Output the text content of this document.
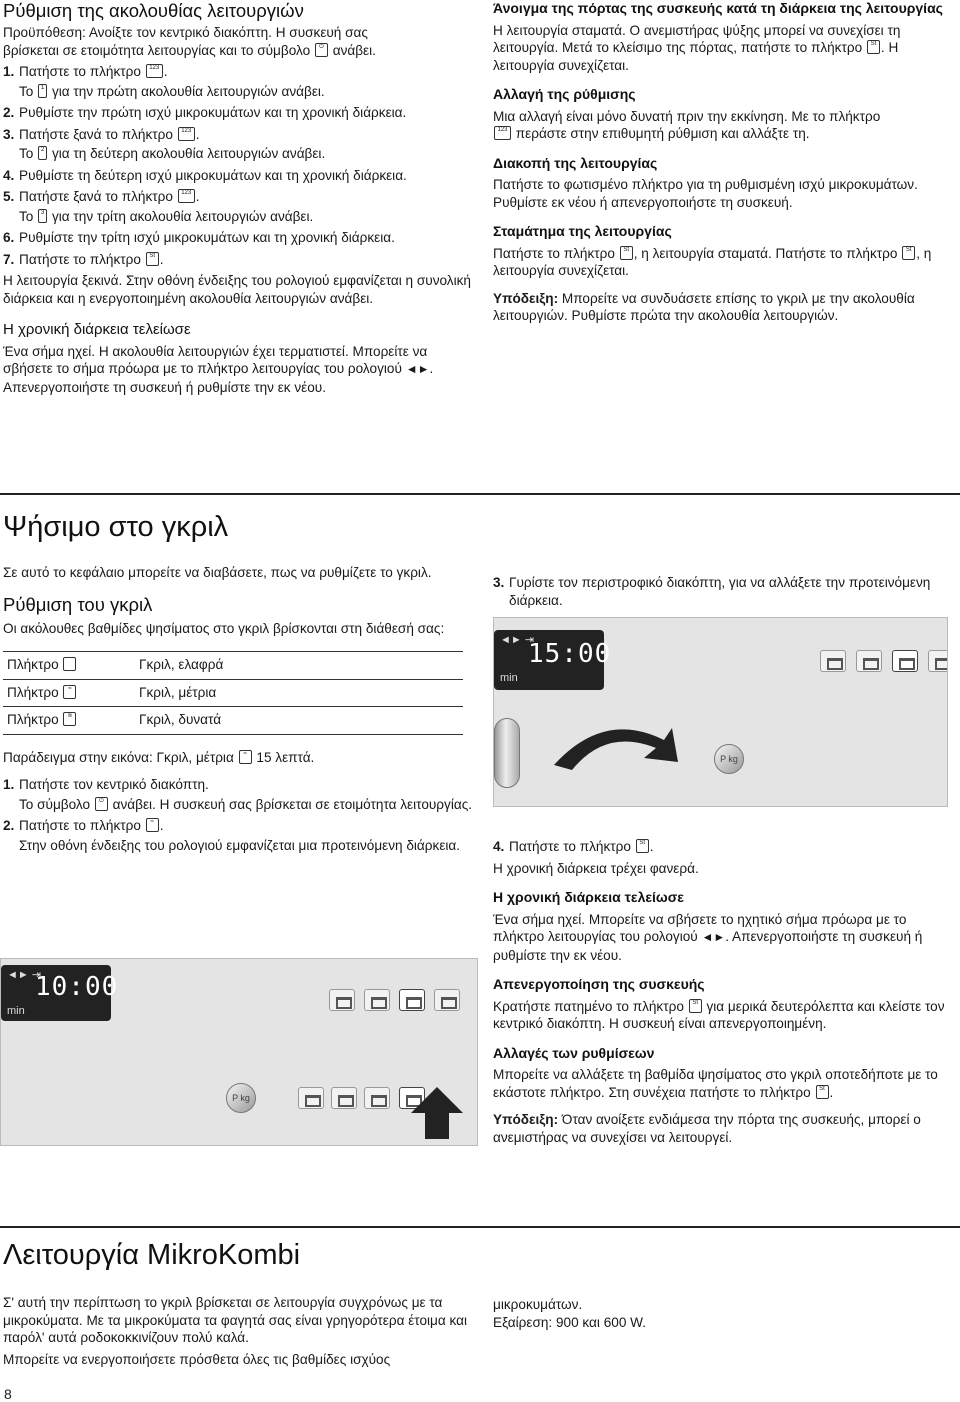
Ρύθμιση της ακολουθίας λειτουργιών

Προϋπόθεση: Ανοίξτε τον κεντρικό διακόπτη. Η συσκευή σας
βρίσκεται σε ετοιμότητα λειτουργίας και το σύμβολο ⏻ ανάβει.

1. Πατήστε το πλήκτρο 123 .
Το 1 για την πρώτη ακολουθία λειτουργιών ανάβει.
2. Ρυθμίστε την πρώτη ισχύ μικροκυμάτων και τη χρονική διάρκεια.
3. Πατήστε ξανά το πλήκτρο 123 .
Το 2 για τη δεύτερη ακολουθία λειτουργιών ανάβει.
4. Ρυθμίστε τη δεύτερη ισχύ μικροκυμάτων και τη χρονική διάρκεια.
5. Πατήστε ξανά το πλήκτρο 123 .
Το 3 για την τρίτη ακολουθία λειτουργιών ανάβει.
6. Ρυθμίστε την τρίτη ισχύ μικροκυμάτων και τη χρονική διάρκεια.
7. Πατήστε το πλήκτρο St .

Η λειτουργία ξεκινά. Στην οθόνη ένδειξης του ρολογιού εμφανίζεται η συνολική διάρκεια και η ενεργοποιημένη ακολουθία λειτουργιών ανάβει.

Η χρονική διάρκεια τελείωσε

Ένα σήμα ηχεί. Η ακολουθία λειτουργιών έχει τερματιστεί. Μπορείτε να σβήσετε το σήμα πρόωρα με το πλήκτρο λειτουργίας του ρολογιού ◄►. Απενεργοποιήστε τη συσκευή ή ρυθμίστε την εκ νέου.

Άνοιγμα της πόρτας της συσκευής κατά τη διάρκεια της λειτουργίας

Η λειτουργία σταματά. Ο ανεμιστήρας ψύξης μπορεί να συνεχίσει τη λειτουργία. Μετά το κλείσιμο της πόρτας, πατήστε το πλήκτρο St . Η λειτουργία συνεχίζεται.

Αλλαγή της ρύθμισης

Μια αλλαγή είναι μόνο δυνατή πριν την εκκίνηση. Με το πλήκτρο
123 περάστε στην επιθυμητή ρύθμιση και αλλάξτε τη.

Διακοπή της λειτουργίας

Πατήστε το φωτισμένο πλήκτρο για τη ρυθμισμένη ισχύ μικροκυμάτων. Ρυθμίστε εκ νέου ή απενεργοποιήστε τη συσκευή.

Σταμάτημα της λειτουργίας

Πατήστε το πλήκτρο St , η λειτουργία σταματά. Πατήστε το πλήκτρο St , η λειτουργία συνεχίζεται.

Υπόδειξη: Μπορείτε να συνδυάσετε επίσης το γκριλ με την ακολουθία λειτουργιών. Ρυθμίστε πρώτα την ακολουθία λειτουργιών.

Ψήσιμο στο γκριλ

Σε αυτό το κεφάλαιο μπορείτε να διαβάσετε, πως να ρυθμίζετε το γκριλ.

Ρύθμιση του γκριλ

Οι ακόλουθες βαθμίδες ψησίματος στο γκριλ βρίσκονται στη διάθεσή σας:

Πλήκτρο ▔	Γκριλ, ελαφρά
Πλήκτρο ≈	Γκριλ, μέτρια
Πλήκτρο ≋	Γκριλ, δυνατά

Παράδειγμα στην εικόνα: Γκριλ, μέτρια ≈ 15 λεπτά.

1. Πατήστε τον κεντρικό διακόπτη.
Το σύμβολο ⏻ ανάβει. Η συσκευή σας βρίσκεται σε ετοιμότητα λειτουργίας.
2. Πατήστε το πλήκτρο ≈ .
Στην οθόνη ένδειξης του ρολογιού εμφανίζεται μια προτεινόμενη διάρκεια.
◄► ⇥
min
10:00
P kg
3. Γυρίστε τον περιστροφικό διακόπτη, για να αλλάξετε την προτεινόμενη διάρκεια.
◄► ⇥
min
15:00
P kg
4. Πατήστε το πλήκτρο St .

Η χρονική διάρκεια τρέχει φανερά.

Η χρονική διάρκεια τελείωσε

Ένα σήμα ηχεί. Μπορείτε να σβήσετε το ηχητικό σήμα πρόωρα με το πλήκτρο λειτουργίας του ρολογιού ◄►. Απενεργοποιήστε τη συσκευή ή ρυθμίστε την εκ νέου.

Απενεργοποίηση της συσκευής

Κρατήστε πατημένο το πλήκτρο St για μερικά δευτερόλεπτα και κλείστε τον κεντρικό διακόπτη. Η συσκευή είναι απενεργοποιημένη.

Αλλαγές των ρυθμίσεων

Μπορείτε να αλλάξετε τη βαθμίδα ψησίματος στο γκριλ οποτεδήποτε με το εκάστοτε πλήκτρο. Στη συνέχεια πατήστε το πλήκτρο St .

Υπόδειξη: Όταν ανοίξετε ενδιάμεσα την πόρτα της συσκευής, μπορεί ο ανεμιστήρας να συνεχίσει να λειτουργεί.

Λειτουργία MikroKombi

Σ' αυτή την περίπτωση το γκριλ βρίσκεται σε λειτουργία συγχρόνως με τα μικροκύματα. Με τα μικροκύματα τα φαγητά σας είναι γρηγορότερα έτοιμα και παρόλ' αυτά ροδοκοκκινίζουν πολύ καλά.

Μπορείτε να ενεργοποιήσετε πρόσθετα όλες τις βαθμίδες ισχύος

μικροκυμάτων.

Εξαίρεση: 900 και 600 W.

8
